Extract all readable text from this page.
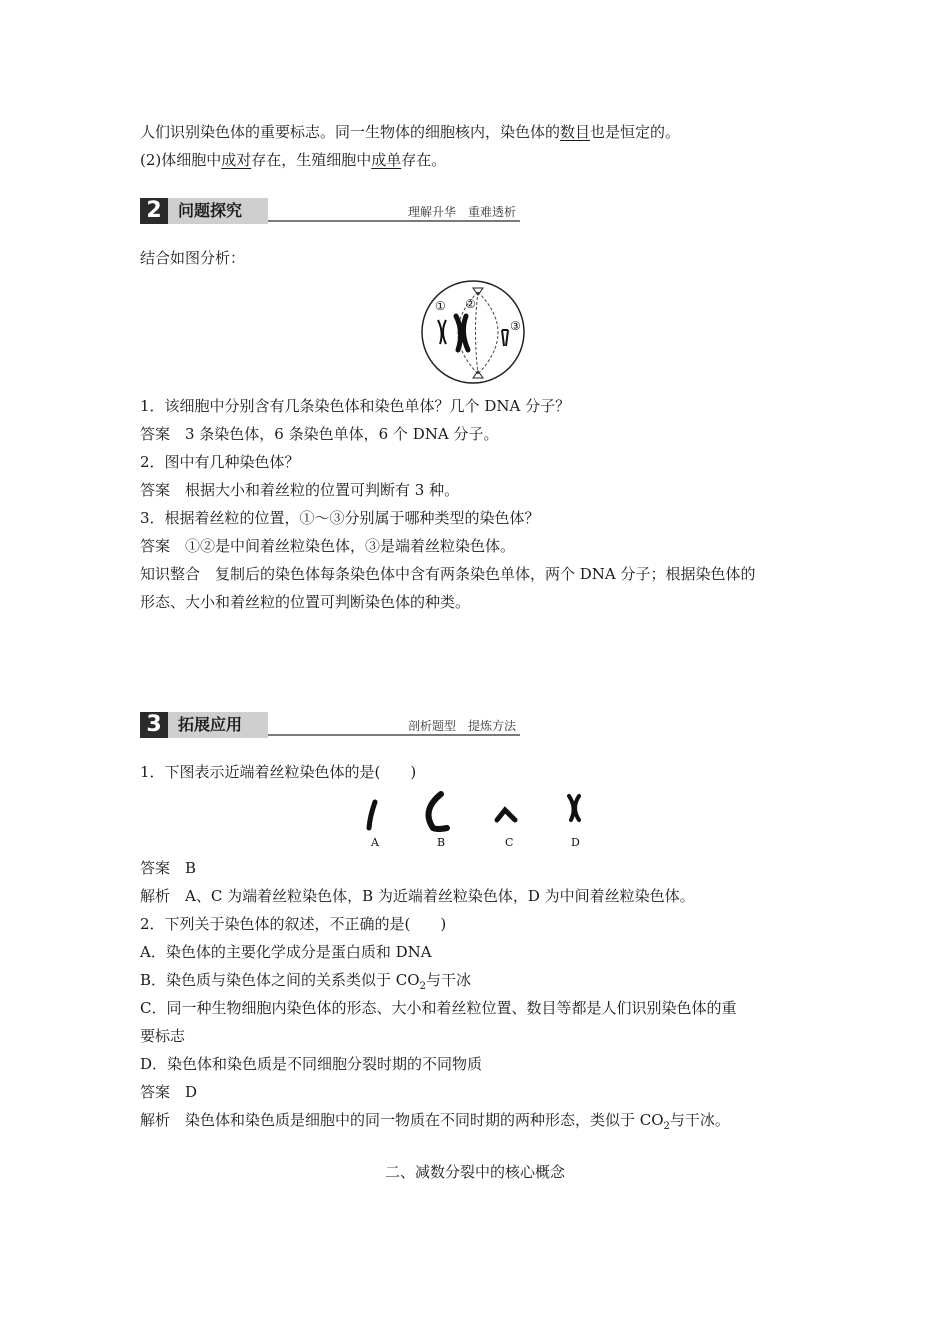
人们识别染色体的重要标志。同一生物体的细胞核内，染色体的数目也是恒定的。
(2)体细胞中成对存在，生殖细胞中成单存在。
2	问题探究	理解升华　重难透析
结合如图分析：
① ②
③
1．该细胞中分别含有几条染色体和染色单体？几个 DNA 分子？
答案　3 条染色体，6 条染色单体，6 个 DNA 分子。
2．图中有几种染色体？
答案　根据大小和着丝粒的位置可判断有 3 种。
3．根据着丝粒的位置，①～③分别属于哪种类型的染色体？
答案　①②是中间着丝粒染色体，③是端着丝粒染色体。
知识整合　复制后的染色体每条染色体中含有两条染色单体，两个 DNA 分子；根据染色体的
形态、大小和着丝粒的位置可判断染色体的种类。
3	拓展应用	剖析题型　提炼方法
1．下图表示近端着丝粒染色体的是(　　)
A	B	C	D
答案　B
解析　A、C 为端着丝粒染色体，B 为近端着丝粒染色体，D 为中间着丝粒染色体。
2．下列关于染色体的叙述，不正确的是(　　)
A．染色体的主要化学成分是蛋白质和 DNA
B．染色质与染色体之间的关系类似于 $CO_2$与干冰
C．同一种生物细胞内染色体的形态、大小和着丝粒位置、数目等都是人们识别染色体的重
要标志
D．染色体和染色质是不同细胞分裂时期的不同物质
答案　D
解析　染色体和染色质是细胞中的同一物质在不同时期的两种形态，类似于 $CO_2$与干冰。
二、减数分裂中的核心概念
